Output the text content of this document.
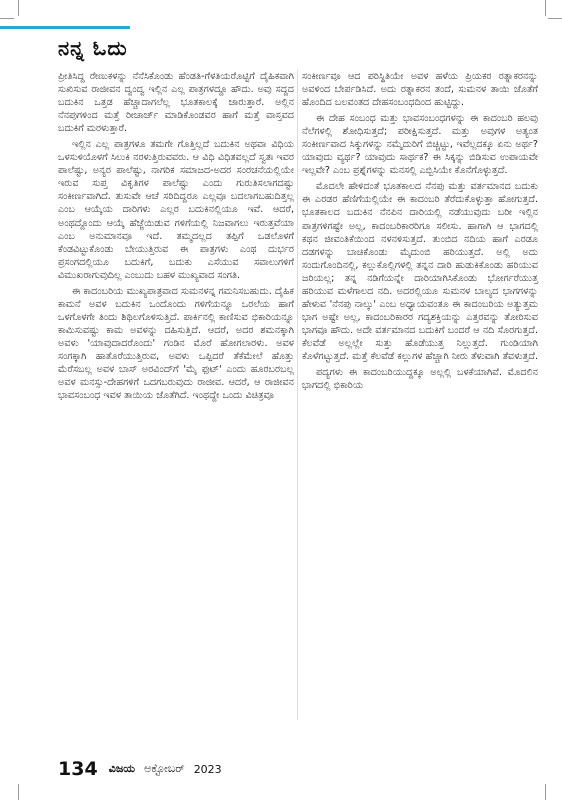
ನನ್ನ ಓದು

ಪ್ರೀತಿಸಿದ್ದ ರೇಣುಕಳನ್ನು ನೆನೆಸಿಕೊಂಡು ಹೆಂಡತಿ-ಗೆಳತಿಯರೊಟ್ಟಿಗೆ ದೈಹಿಕವಾಗಿ ಸುಖಿಸುವ ರಾಜೀವನ ದ್ವಂದ್ವ ಇಲ್ಲಿನ ಎಲ್ಲ ಪಾತ್ರಗಳದ್ದೂ ಹೌದು. ಅವು ಸದ್ದದ ಬದುಕಿನ ಒತ್ತಡ ಹೆಚ್ಚಾದಾಗಲೆಲ್ಲ ಭೂತಕಾಲಕ್ಕೆ ಜಾರುತ್ತಾರೆ. ಅಲ್ಲಿನ ನೆನಪುಗಳಿಂದ ಮತ್ತೆ ರೀಚಾರ್ಜ್ ಮಾಡಿಕೊಂಡವರ ಹಾಗೆ ಮತ್ತೆ ವಾಸ್ತವದ ಬದುಕಿಗೆ ಮರಳುತ್ತಾರೆ.

ಇಲ್ಲಿನ ಎಲ್ಲ ಪಾತ್ರಗಳೂ ತಮಗೇ ಗೊತ್ತಿಲ್ಲದೆ ಬದುಕಿನ ಅಥವಾ ವಿಧಿಯ ಒಳಸುಳಿಯೊಳಗೆ ಸಿಲುಕಿ ನರಳುತ್ತಿರುವವರು. ಆ ವಿಧಿ ವಿಧಿತವಲ್ಲದೆ ಸ್ವತಃ ಇವರ ಪಾಲೆಷ್ಟು, ಅನ್ಯರ ಪಾಲೆಷ್ಟು, ನಾಗರಿಕ ಸಮಾಜದ-ಅದರ ಸಂರಚನೆಯಲ್ಲಿಯೇ ಇರುವ ಸುಪ್ತ ವಿಕೃತಿಗಳ ಪಾಲೆಷ್ಟು ಎಂದು ಗುರುತಿಸಲಾಗದಷ್ಟು ಸಂಕೀರ್ಣವಾಗಿದೆ. ತುಸುವೇ ಆಚೆ ಸರಿದಿದ್ದರೂ ಎಲ್ಲವೂ ಬದಲಾಗಬಹುದಿತ್ತಲ್ಲ ಎಂಬ ಆಯ್ಕೆಯ ದಾರಿಗಳು ಎಲ್ಲರ ಬದುಕಿನಲ್ಲಿಯೂ ಇವೆ. ಆದರೆ, ಅಂಥದ್ದೊಂದು ಆಯ್ಕೆ ಹೆಜ್ಜೆಯಿಡುವ ಗಳಿಗೆಯಲ್ಲಿ ನಿಜವಾಗಲು ಇರುತ್ತವೆಯಾ ಎಂಬ ಅನುಮಾನವೂ ಇದೆ. ತಮ್ಮದಲ್ಲದ ತಪ್ಪಿಗೆ ಒಡಲೊಳಗೆ ಕೆಂಡವಿಟ್ಟುಕೊಂಡು ಬೇಯುತ್ತಿರುವ ಈ ಪಾತ್ರಗಳು ಎಂಥ ದುರ್ಭರ ಪ್ರಸಂಗದಲ್ಲಿಯೂ ಬದುಕಿಗೆ, ಬದುಕು ಎಸೆಯುವ ಸವಾಲುಗಳಿಗೆ ವಿಮುಖರಾಗುವುದಿಲ್ಲ ಎಂಬುದು ಬಹಳ ಮುಖ್ಯವಾದ ಸಂಗತಿ.

ಈ ಕಾದಂಬರಿಯ ಮುಖ್ಯಪಾತ್ರವಾದ ಸುಮನಳನ್ನ ಗಮನಿಸಬಹುದು. ದೈಹಿಕ ಕಾಮನೆ ಅವಳ ಬದುಕಿನ ಒಂದೊಂದು ಗಳಿಗೆಯನ್ನೂ ಒರಲೆಯ ಹಾಗೆ ಒಳಗೊಳಗೇ ತಿಂದು ಶಿಥಿಲಗೊಳಿಸುತ್ತಿದೆ. ಪಾರ್ಕಿನಲ್ಲಿ ಕಾಣಿಸುವ ಭಿಕಾರಿಯನ್ನೂ ಕಾಮಿಸುವಷ್ಟು ಕಾಮ ಅವಳನ್ನು ದಹಿಸುತ್ತಿದೆ. ಆದರೆ, ಅದರ ಶಮನಕ್ಕಾಗಿ ಅವಳು 'ಯಾವುದಾದರೊಂದು' ಗಂಡಿನ ಮೊರೆ ಹೋಗಲಾರಳು. ಅವಳ ಸಂಗಕ್ಕಾಗಿ ಹಾತೊರೆಯುತ್ತಿರುವ, ಅವಳು ಒಪ್ಪಿದರೆ ತೆಕೆಮೇಲೆ ಹೊತ್ತು ಮೆರೆಸಬಲ್ಲ ಅವಳ ಬಾಸ್ ಅರವಿಂದ್‌ಗೆ 'ಮೈ ಫುಟ್' ಎಂದು ಹೂರಬರಬಲ್ಲ ಅವಳ ಮನಸ್ಸು-ದೇಹಗಳಿಗೆ ಒದಗಬರುವುದು ರಾಜೀವ. ಆದರೆ, ಆ ರಾಜೀವನ ಭಾವಸಂಬಂಧ ಇವಳ ತಾಯಿಯ ಜೊತೆಗಿದೆ. ಇಂಥದ್ದೇ ಒಂದು ವಿಚಿತ್ರವೂ

ಸಂಕೀರ್ಣವೂ ಆದ ಪರಿಸ್ಥಿತಿಯೇ ಅವಳ ಹಳೆಯ ಪ್ರಿಯಕರ ರತ್ನಾಕರನನ್ನು ಅವಳಿಂದ ಬೇರ್ಪಡಿಸಿದೆ. ಅದು ರತ್ನಾಕರನ ತಂದೆ, ಸುಮನಳ ತಾಯಿ ಜೊತೆಗೆ ಹೊಂದಿದ ಬಲವಂತದ ದೇಹಸಂಬಂಧದಿಂದ ಹುಟ್ಟಿದ್ದು.

ಈ ದೇಹ ಸಂಬಂಧ ಮತ್ತು ಭಾವಸಂಬಂಧಗಳನ್ನು ಈ ಕಾದಂಬರಿ ಹಲವು ನೆಲೆಗಳಲ್ಲಿ ಶೋಧಿಸುತ್ತದೆ; ಪರೀಕ್ಷಿಸುತ್ತದೆ. ಮತ್ತು ಅವುಗಳ ಅತ್ಯಂತ ಸಂಕೀರ್ಣವಾದ ಸಿಕ್ಕುಗಳನ್ನು ನಮ್ಮೆದುರಿಗೆ ಬಿಚ್ಚಿಟ್ಟು, ಇವೆಲ್ಲದಕ್ಕೂ ಏನು ಅರ್ಥ? ಯಾವುದು ವ್ಯರ್ಥ? ಯಾವುದು ಸಾರ್ಥಕ? ಈ ಸಿಕ್ಕನ್ನು ಬಿಡಿಸುವ ಉಪಾಯವೇ ಇಲ್ಲವೇ? ಎಂಬ ಪ್ರಶ್ನೆಗಳನ್ನು ಮನಸಲ್ಲಿ ಎಬ್ಬಿಸಿಯೇ ಕೊನೆಗೊಳ್ಳುತ್ತದೆ.

ಮೊದಲೇ ಹೇಳಿದಂತೆ ಭೂತಕಾಲದ ನೆನಪು ಮತ್ತು ವರ್ತಮಾನದ ಬದುಕು ಈ ಎರಡರ ಹೆಣಿಗೆಯಲ್ಲಿಯೇ ಈ ಕಾದಂಬರಿ ತೆರೆದುಕೊಳ್ಳುತ್ತಾ ಹೋಗುತ್ತದೆ. ಭೂತಕಾಲದ ಬದುಕಿನ ನೆನಪಿನ ದಾರಿಯಲ್ಲಿ ನಡೆಯುವುದು ಬರೀ ಇಲ್ಲಿನ ಪಾತ್ರಗಳಿಗಷ್ಟೇ ಅಲ್ಲ, ಕಾದಂಬರಿಕಾರರಿಗೂ ಸಲೀಸು. ಹಾಗಾಗಿ ಆ ಭಾಗದಲ್ಲಿ ಕಥನ ಜೀವಂತಿಕೆಯಿಂದ ನಳನಳಿಸುತ್ತದೆ. ತುಂಬಿದ ನದಿಯ ಹಾಗೆ ಎರಡೂ ದಡಗಳನ್ನು ಬಾಚಿಕೊಂಡು ಮೈದುಂಬಿ ಹರಿಯುತ್ತದೆ. ಅಲ್ಲಿ ಅದು ಸಂದುಗೊಂದಿನಲ್ಲಿ, ಕಲ್ಲುಕೊಲ್ಲಿಗಳಲ್ಲಿ ತನ್ನನ ದಾರಿ ಹುಡುಕಿಕೊಂಡು ಹರಿಯುವ ಜರಿಯಲ್ಲ; ತನ್ನ ನಡಿಗೆಯನ್ನೇ ದಾರಿಯಾಗಿಸಿಕೊಂಡು ಭೋರ್ಗರೆಯುತ್ತ ಹರಿಯುವ ಮಳೆಗಾಲದ ನದಿ. ಅದರಲ್ಲಿಯೂ ಸುಮನಳ ಬಾಲ್ಯದ ಭಾಗಗಳನ್ನು ಹೇಳುವ 'ನೆನಪು ನಾಲ್ಕು' ಎಂಬ ಅಧ್ಯಾಯವಂತೂ ಈ ಕಾದಂಬರಿಯ ಅತ್ಯುತ್ತಮ ಭಾಗ ಅಷ್ಟೇ ಅಲ್ಲ, ಕಾದಂಬರಿಕಾರರ ಗದ್ಯಶಕ್ತಿಯನ್ನು ಎತ್ತರವನ್ನು ತೋರಿಸುವ ಭಾಗವೂ ಹೌದು. ಅದೇ ವರ್ತಮಾನದ ಬದುಕಿಗೆ ಬಂದರೆ ಆ ನದಿ ಸೊರಗುತ್ತದೆ. ಕೆಲವೆಡೆ ಅಲ್ಲಲ್ಲೇ ಸುತ್ತು ಹೊಡೆಯುತ್ತ ನಿಲ್ಲುತ್ತದೆ. ಗುಂಡಿಯಾಗಿ ಕೊಳೆಗಟ್ಟುತ್ತದೆ. ಮತ್ತೆ ಕೆಲವೆಡೆ ಕಲ್ಲುಗಳ ಹೆಚ್ಚಾಗಿ ನೀರು ತೆಳುವಾಗಿ ತೆವಳುತ್ತದೆ.

ಪದ್ಯಗಳು ಈ ಕಾದಂಬರಿಯುದ್ದಕ್ಕೂ ಅಲ್ಲಲ್ಲಿ ಬಳಕೆಯಾಗಿವೆ. ಮೊದಲಿನ ಭಾಗದಲ್ಲಿ ಭಿಕಾರಿಯ

134 ವಿಜಯ ಅಕ್ಟೋಬರ್ 2023
